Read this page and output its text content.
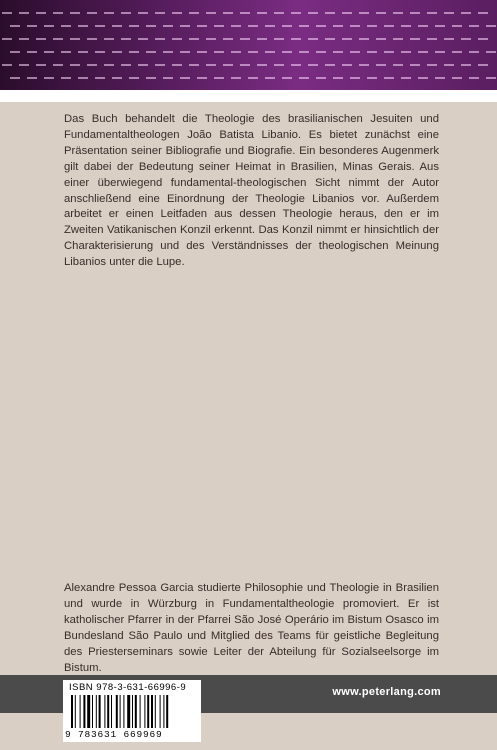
Das Buch behandelt die Theologie des brasilianischen Jesuiten und Fundamentaltheologen João Batista Libanio. Es bietet zunächst eine Präsentation seiner Bibliografie und Biografie. Ein besonderes Augenmerk gilt dabei der Bedeutung seiner Heimat in Brasilien, Minas Gerais. Aus einer überwiegend fundamental-theologischen Sicht nimmt der Autor anschließend eine Einordnung der Theologie Libanios vor. Außerdem arbeitet er einen Leitfaden aus dessen Theologie heraus, den er im Zweiten Vatikanischen Konzil erkennt. Das Konzil nimmt er hinsichtlich der Charakterisierung und des Verständnisses der theologischen Meinung Libanios unter die Lupe.

Alexandre Pessoa Garcia studierte Philosophie und Theologie in Brasilien und wurde in Würzburg in Fundamentaltheologie promoviert. Er ist katholischer Pfarrer in der Pfarrei São José Operário im Bistum Osasco im Bundesland São Paulo und Mitglied des Teams für geistliche Begleitung des Priesterseminars sowie Leiter der Abteilung für Sozialseelsorge im Bistum.

www.peterlang.com
ISBN 978-3-631-66996-9
9 783631 669969
